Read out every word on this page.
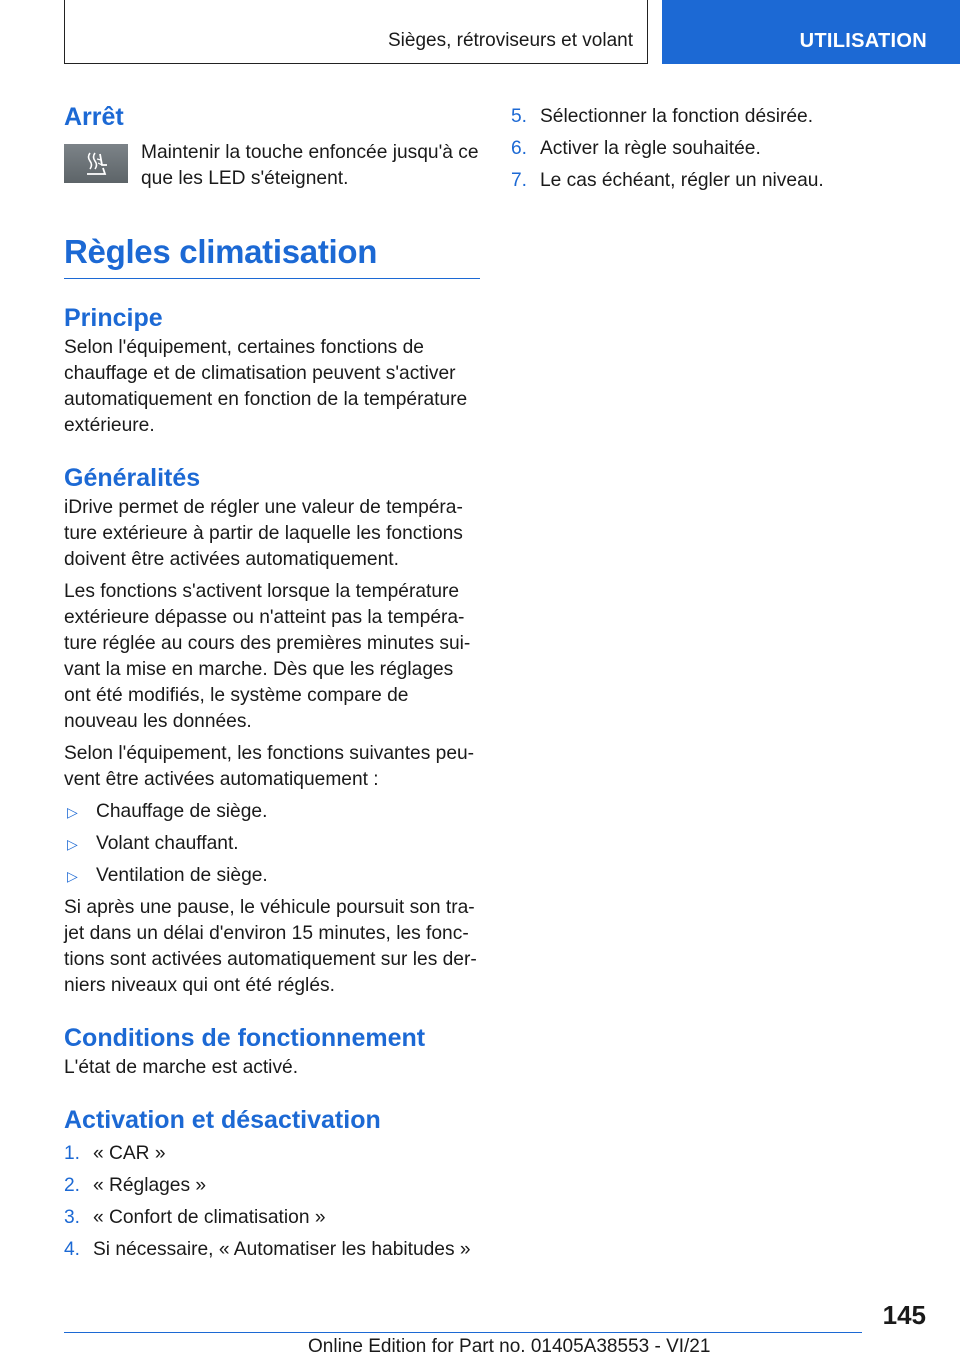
Sièges, rétroviseurs et volant	UTILISATION
Arrêt

Maintenir la touche enfoncée jusqu'à ce que les LED s'éteignent.

Règles climatisation
Principe

Selon l'équipement, certaines fonctions de chauffage et de climatisation peuvent s'activer automatiquement en fonction de la température extérieure.

Généralités

iDrive permet de régler une valeur de tempéra-ture extérieure à partir de laquelle les fonctions doivent être activées automatiquement.

Les fonctions s'activent lorsque la température extérieure dépasse ou n'atteint pas la tempéra-ture réglée au cours des premières minutes sui-vant la mise en marche. Dès que les réglages ont été modifiés, le système compare de nouveau les données.

Selon l'équipement, les fonctions suivantes peu-vent être activées automatiquement :

▷ Chauffage de siège.
▷ Volant chauffant.
▷ Ventilation de siège.

Si après une pause, le véhicule poursuit son tra-jet dans un délai d'environ 15 minutes, les fonc-tions sont activées automatiquement sur les der-niers niveaux qui ont été réglés.

Conditions de fonctionnement

L'état de marche est activé.

Activation et désactivation
1. « CAR »
2. « Réglages »
3. « Confort de climatisation »
4. Si nécessaire, « Automatiser les habitudes »
5. Sélectionner la fonction désirée.
6. Activer la règle souhaitée.
7. Le cas échéant, régler un niveau.
145
Online Edition for Part no. 01405A38553 - VI/21
